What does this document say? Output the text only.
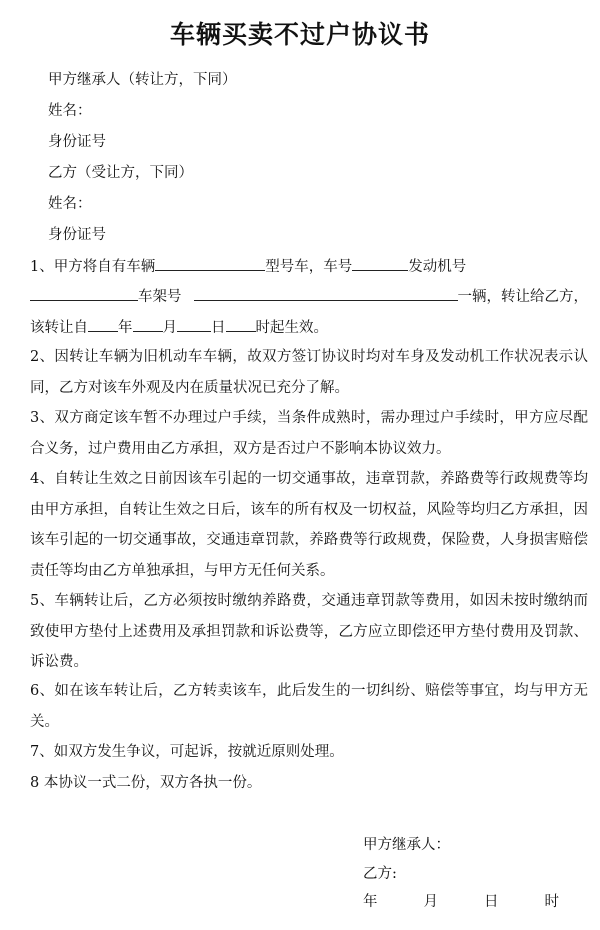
车辆买卖不过户协议书
甲方继承人（转让方，下同）
姓名：
身份证号
乙方（受让方，下同）
姓名：
身份证号
1、甲方将自有车辆	型号车，车号	发动机号
车架号	一辆，转让给乙方，
该转让自 年 月 日 时起生效。
2、因转让车辆为旧机动车车辆，故双方签订协议时均对车身及发动机工作状况表示认同，乙方对该车外观及内在质量状况已充分了解。
3、双方商定该车暂不办理过户手续，当条件成熟时，需办理过户手续时，甲方应尽配合义务，过户费用由乙方承担，双方是否过户不影响本协议效力。
4、自转让生效之日前因该车引起的一切交通事故，违章罚款，养路费等行政规费等均由甲方承担，自转让生效之日后，该车的所有权及一切权益，风险等均归乙方承担，因该车引起的一切交通事故，交通违章罚款，养路费等行政规费，保险费，人身损害赔偿责任等均由乙方单独承担，与甲方无任何关系。
5、车辆转让后，乙方必须按时缴纳养路费，交通违章罚款等费用，如因未按时缴纳而致使甲方垫付上述费用及承担罚款和诉讼费等，乙方应立即偿还甲方垫付费用及罚款、诉讼费。
6、如在该车转让后，乙方转卖该车，此后发生的一切纠纷、赔偿等事宜，均与甲方无关。
7、如双方发生争议，可起诉，按就近原则处理。
8 本协议一式二份，双方各执一份。
甲方继承人：
乙方:
年	月	日	时
